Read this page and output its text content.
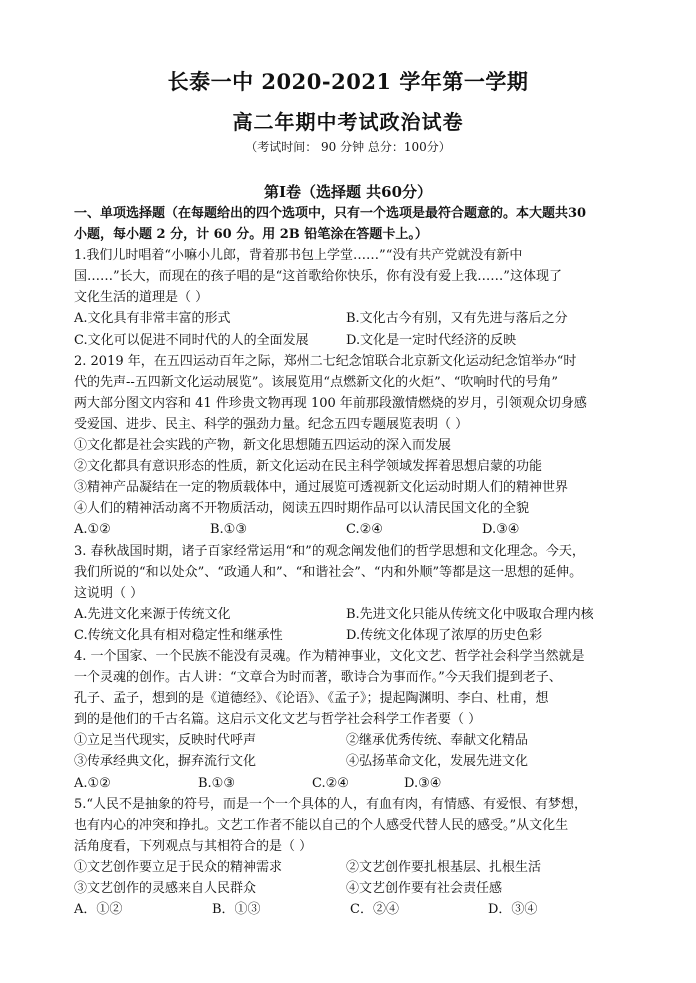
长泰一中 2020-2021 学年第一学期
高二年期中考试政治试卷
（考试时间： 90 分钟 总分：100分）
第Ⅰ卷（选择题 共60分）
一、单项选择题（在每题给出的四个选项中，只有一个选项是最符合题意的。本大题共30
小题，每小题 2 分，计 60 分。用 2B 铅笔涂在答题卡上。）
1.我们儿时唱着“小嘛小儿郎，背着那书包上学堂……”“没有共产党就没有新中
国……”长大，而现在的孩子唱的是“这首歌给你快乐，你有没有爱上我……”这体现了
文化生活的道理是（ ）
A.文化具有非常丰富的形式	B.文化古今有别，又有先进与落后之分
C.文化可以促进不同时代的人的全面发展	D.文化是一定时代经济的反映
2. 2019 年，在五四运动百年之际，郑州二七纪念馆联合北京新文化运动纪念馆举办“时
代的先声--五四新文化运动展览”。该展览用“点燃新文化的火炬”、“吹响时代的号角”
两大部分图文内容和 41 件珍贵文物再现 100 年前那段激情燃烧的岁月，引领观众切身感
受爱国、进步、民主、科学的强劲力量。纪念五四专题展览表明（ ）
①文化都是社会实践的产物，新文化思想随五四运动的深入而发展
②文化都具有意识形态的性质，新文化运动在民主科学领域发挥着思想启蒙的功能
③精神产品凝结在一定的物质载体中，通过展览可透视新文化运动时期人们的精神世界
④人们的精神活动离不开物质活动，阅读五四时期作品可以认清民国文化的全貌
A.①②	B.①③	C.②④	D.③④
3. 春秋战国时期，诸子百家经常运用“和”的观念阐发他们的哲学思想和文化理念。今天，
我们所说的“和以处众”、“政通人和”、“和谐社会”、“内和外顺”等都是这一思想的延伸。
这说明（ ）
A.先进文化来源于传统文化	B.先进文化只能从传统文化中吸取合理内核
C.传统文化具有相对稳定性和继承性	D.传统文化体现了浓厚的历史色彩
4. 一个国家、一个民族不能没有灵魂。作为精神事业，文化文艺、哲学社会科学当然就是
一个灵魂的创作。古人讲：“文章合为时而著，歌诗合为事而作。”今天我们提到老子、
孔子、孟子，想到的是《道德经》、《论语》、《孟子》；提起陶渊明、李白、杜甫，想
到的是他们的千古名篇。这启示文化文艺与哲学社会科学工作者要（ ）
①立足当代现实，反映时代呼声	②继承优秀传统、奉献文化精品
③传承经典文化，摒弃流行文化	④弘扬革命文化，发展先进文化
A.①②	B.①③	C.②④	D.③④
5.“人民不是抽象的符号，而是一个一个具体的人，有血有肉，有情感、有爱恨、有梦想，
也有内心的冲突和挣扎。文艺工作者不能以自己的个人感受代替人民的感受。”从文化生
活角度看，下列观点与其相符合的是（ ）
①文艺创作要立足于民众的精神需求	②文艺创作要扎根基层、扎根生活
③文艺创作的灵感来自人民群众	④文艺创作要有社会责任感
A．①②	B．①③	C．②④	D．③④
